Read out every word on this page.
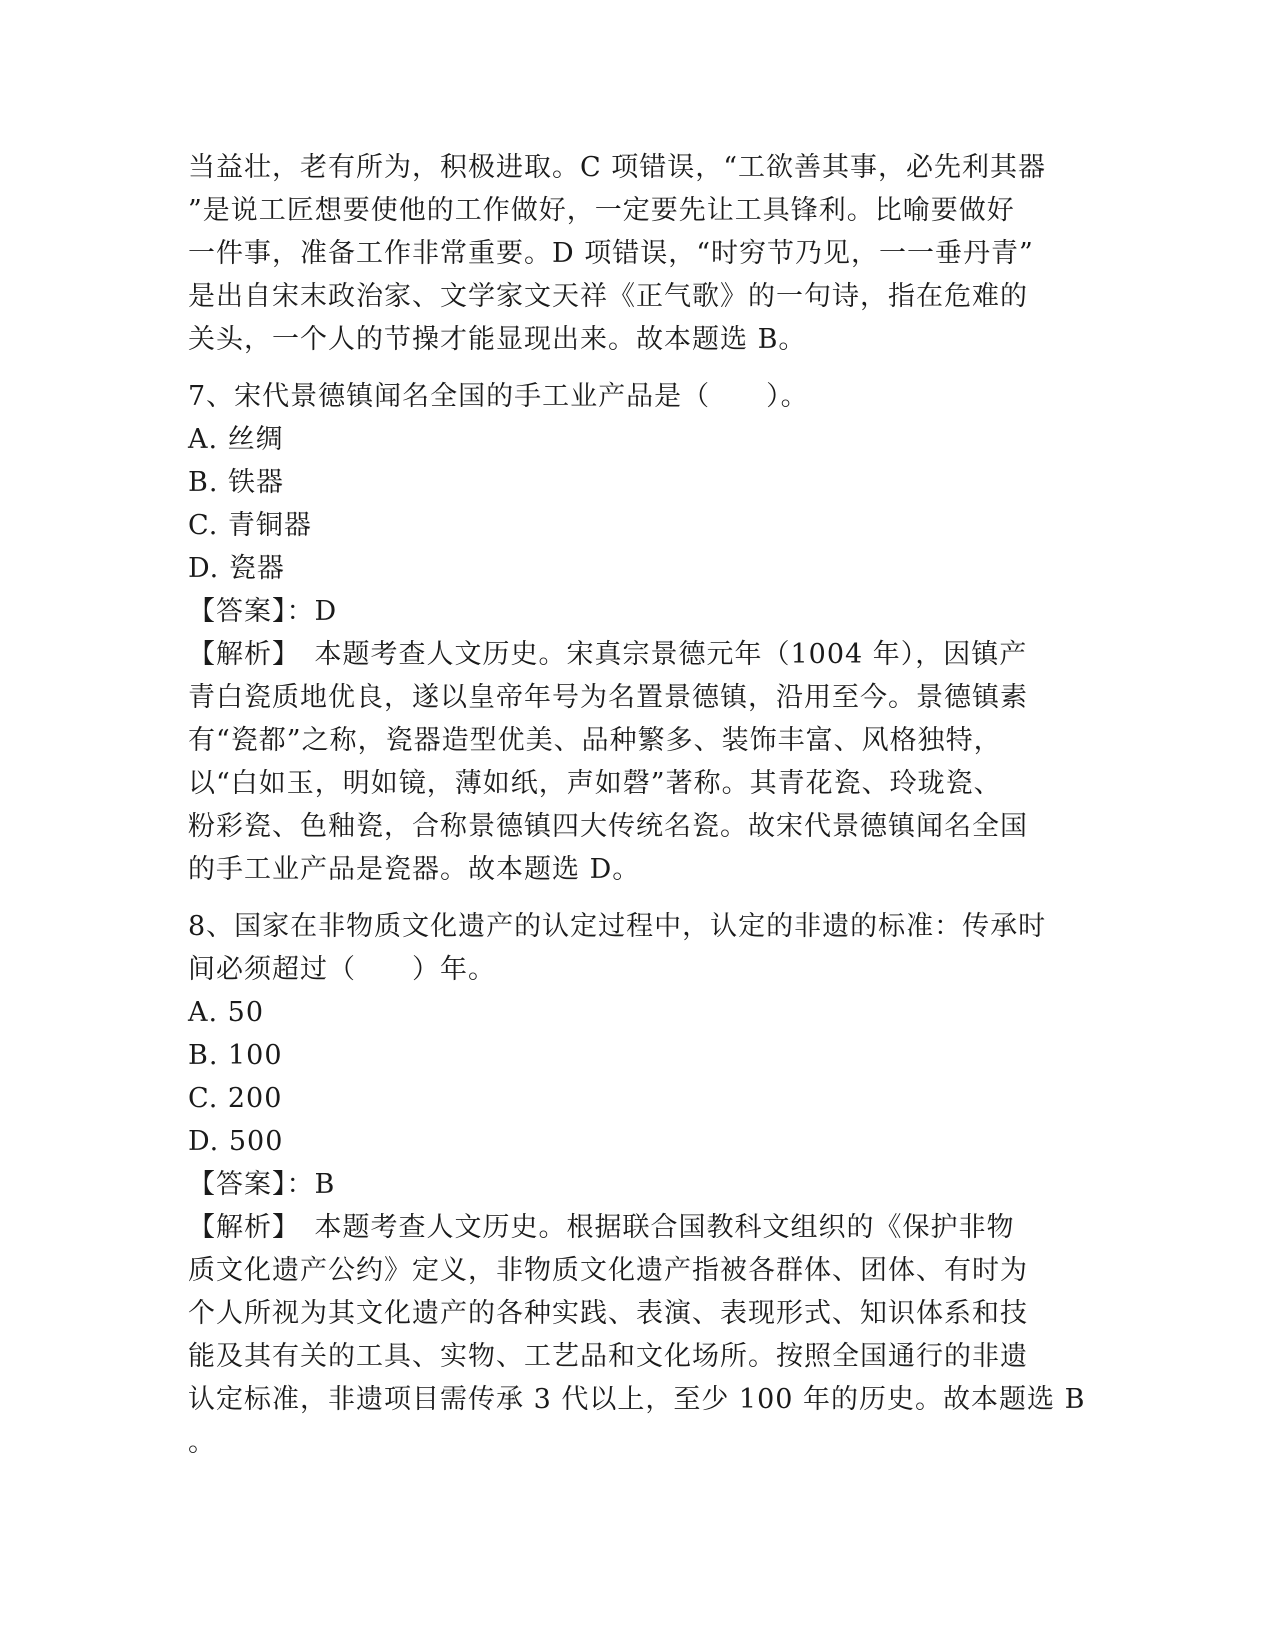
当益壮，老有所为，积极进取。C 项错误，“工欲善其事，必先利其器
”是说工匠想要使他的工作做好，一定要先让工具锋利。比喻要做好
一件事，准备工作非常重要。D 项错误，“时穷节乃见，一一垂丹青”
是出自宋末政治家、文学家文天祥《正气歌》的一句诗，指在危难的
关头，一个人的节操才能显现出来。故本题选 B。
7、宋代景德镇闻名全国的手工业产品是（　　）。
A. 丝绸
B. 铁器
C. 青铜器
D. 瓷器
【答案】：D
【解析】　本题考查人文历史。宋真宗景德元年（1004 年），因镇产
青白瓷质地优良，遂以皇帝年号为名置景德镇，沿用至今。景德镇素
有“瓷都”之称，瓷器造型优美、品种繁多、装饰丰富、风格独特，
以“白如玉，明如镜，薄如纸，声如磬”著称。其青花瓷、玲珑瓷、
粉彩瓷、色釉瓷，合称景德镇四大传统名瓷。故宋代景德镇闻名全国
的手工业产品是瓷器。故本题选 D。
8、国家在非物质文化遗产的认定过程中，认定的非遗的标准：传承时
间必须超过（　　）年。
A. 50
B. 100
C. 200
D. 500
【答案】：B
【解析】　本题考查人文历史。根据联合国教科文组织的《保护非物
质文化遗产公约》定义，非物质文化遗产指被各群体、团体、有时为
个人所视为其文化遗产的各种实践、表演、表现形式、知识体系和技
能及其有关的工具、实物、工艺品和文化场所。按照全国通行的非遗
认定标准，非遗项目需传承 3 代以上，至少 100 年的历史。故本题选 B
。
